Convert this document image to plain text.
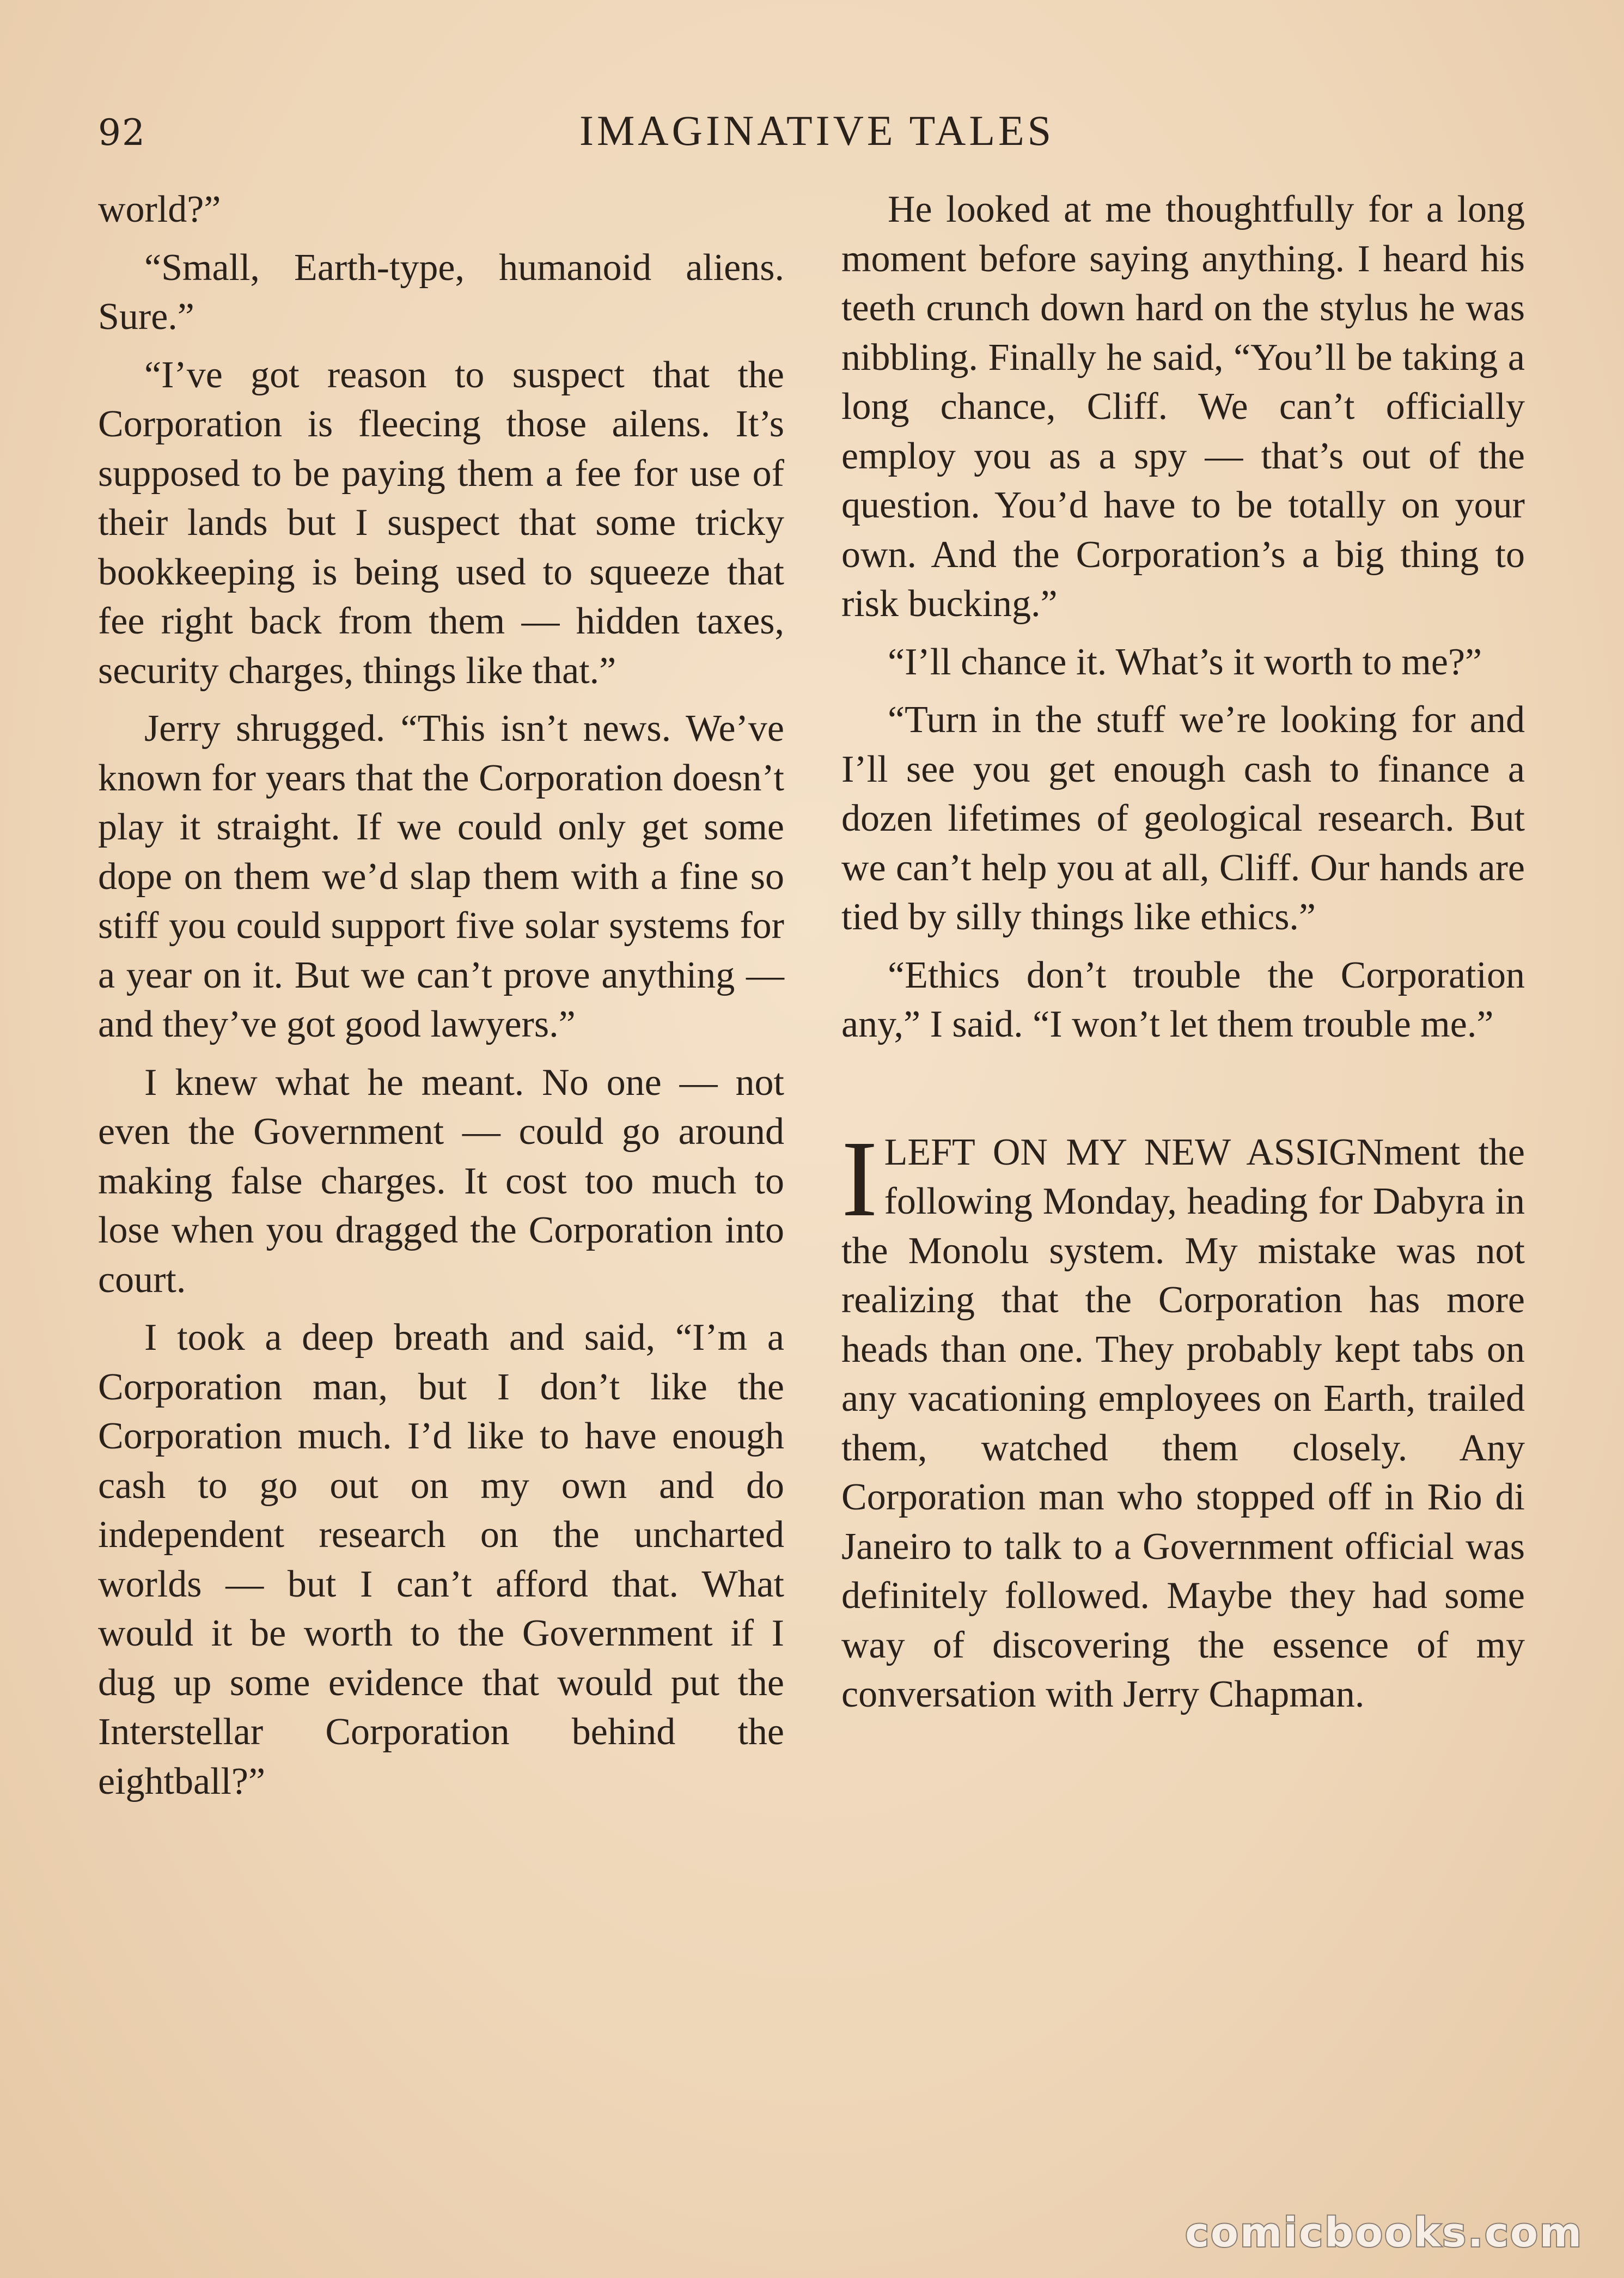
92	IMAGINATIVE TALES

world?”

“Small, Earth-type, humanoid aliens. Sure.”

“I’ve got reason to suspect that the Corporation is fleecing those ailens. It’s supposed to be paying them a fee for use of their lands but I suspect that some tricky bookkeeping is being used to squeeze that fee right back from them — hidden taxes, security charges, things like that.”

Jerry shrugged. “This isn’t news. We’ve known for years that the Corporation doesn’t play it straight. If we could only get some dope on them we’d slap them with a fine so stiff you could support five solar systems for a year on it. But we can’t prove anything —and they’ve got good lawyers.”

I knew what he meant. No one — not even the Government — could go around making false charges. It cost too much to lose when you dragged the Corporation into court.

I took a deep breath and said, “I’m a Corporation man, but I don’t like the Corporation much. I’d like to have enough cash to go out on my own and do independent research on the uncharted worlds — but I can’t afford that. What would it be worth to the Government if I dug up some evidence that would put the Interstellar Corporation behind the eightball?”

He looked at me thoughtfully for a long moment before saying anything. I heard his teeth crunch down hard on the stylus he was nibbling. Finally he said, “You’ll be taking a long chance, Cliff. We can’t officially employ you as a spy — that’s out of the question. You’d have to be totally on your own. And the Corporation’s a big thing to risk bucking.”

“I’ll chance it. What’s it worth to me?”

“Turn in the stuff we’re looking for and I’ll see you get enough cash to finance a dozen lifetimes of geological research. But we can’t help you at all, Cliff. Our hands are tied by silly things like ethics.”

“Ethics don’t trouble the Corporation any,” I said. “I won’t let them trouble me.”

ILEFT ON MY NEW ASSIGNment the following Monday, heading for Dabyra in the Monolu system. My mistake was not realizing that the Corporation has more heads than one. They probably kept tabs on any vacationing employees on Earth, trailed them, watched them closely. Any Corporation man who stopped off in Rio di Janeiro to talk to a Government official was definitely followed. Maybe they had some way of discovering the essence of my conversation with Jerry Chapman.

comicbooks.com
